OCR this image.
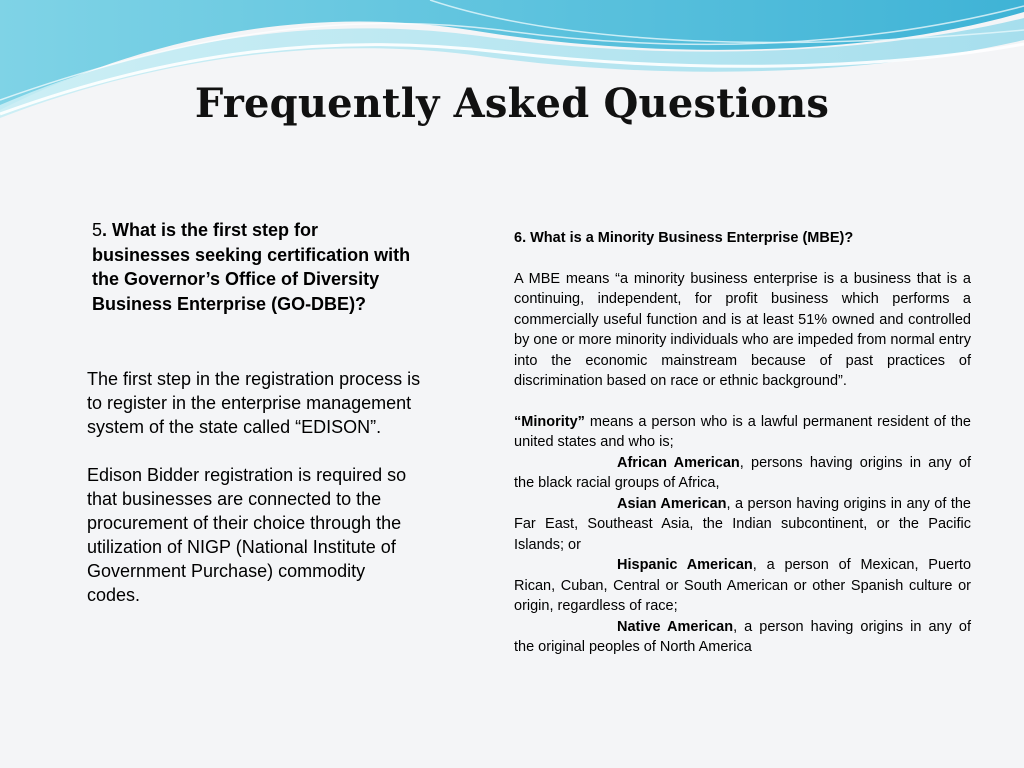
Frequently Asked Questions
5. What is the first step for businesses seeking certification with the Governor’s Office of Diversity Business Enterprise (GO-DBE)?

The first step in the registration process is to register in the enterprise management system of the state called “EDISON”.

Edison Bidder registration is required so that businesses are connected to the procurement of their choice through the utilization of NIGP (National Institute of Government Purchase) commodity codes.

6. What is a Minority Business Enterprise (MBE)?

A MBE means “a minority business enterprise is a business that is a continuing, independent, for profit business which performs a commercially useful function and is at least 51% owned and controlled by one or more minority individuals who are impeded from normal entry into the economic mainstream because of past practices of discrimination based on race or ethnic background”.

“Minority” means a person who is a lawful permanent resident of the united states and who is;

African American, persons having origins in any of the black racial groups of Africa,

Asian American, a person having origins in any of the Far East, Southeast Asia, the Indian subcontinent, or the Pacific Islands; or

Hispanic American, a person of Mexican, Puerto Rican, Cuban, Central or South American or other Spanish culture or origin, regardless of race;

Native American, a person having origins in any of the original peoples of North America
